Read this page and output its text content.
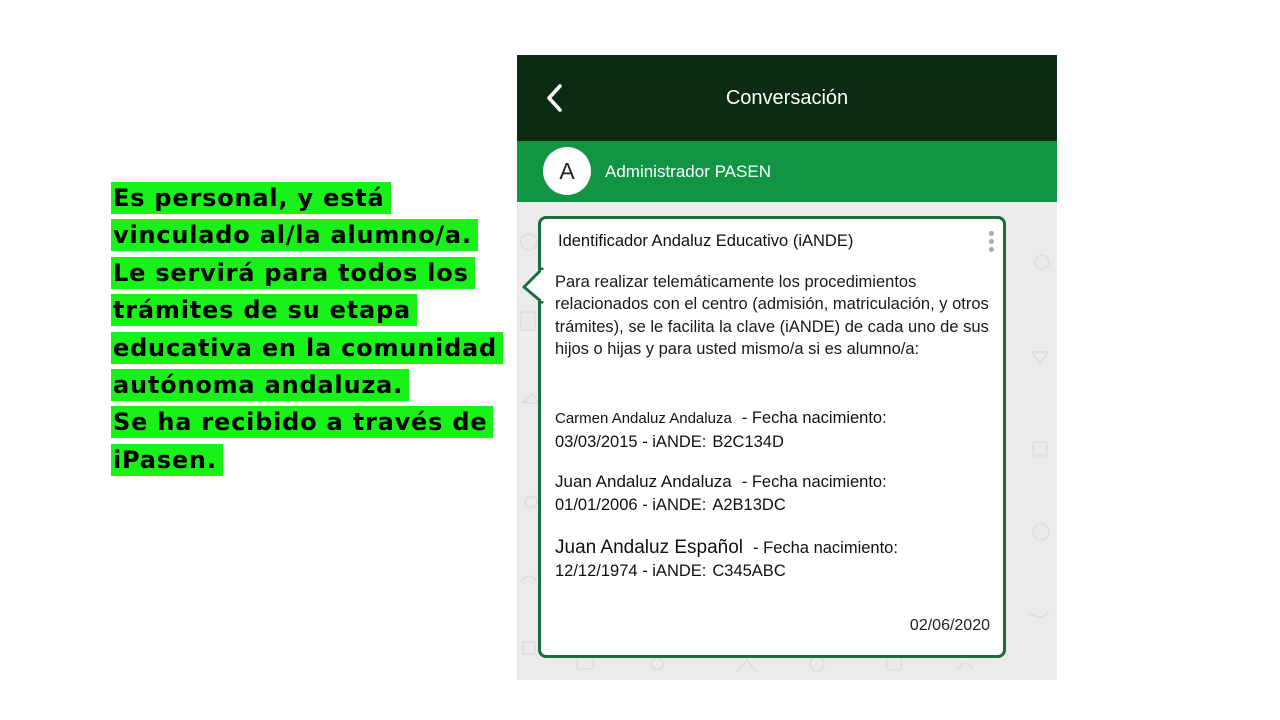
Es personal, y está
vinculado al/la alumno/a.
Le servirá para todos los
trámites de su etapa
educativa en la comunidad
autónoma andaluza.
Se ha recibido a través de
iPasen.
Conversación
A	Administrador PASEN
Identificador Andaluz Educativo (iANDE)

Para realizar telemáticamente los procedimientos relacionados con el centro (admisión, matriculación, y otros trámites), se le facilita la clave (iANDE) de cada uno de sus hijos o hijas y para usted mismo/a si es alumno/a:

Carmen Andaluz Andaluza - Fecha nacimiento:
03/03/2015 - iANDE: B2C134D
Juan Andaluz Andaluza - Fecha nacimiento:
01/01/2006 - iANDE: A2B13DC
Juan Andaluz Español - Fecha nacimiento:
12/12/1974 - iANDE: C345ABC
02/06/2020
